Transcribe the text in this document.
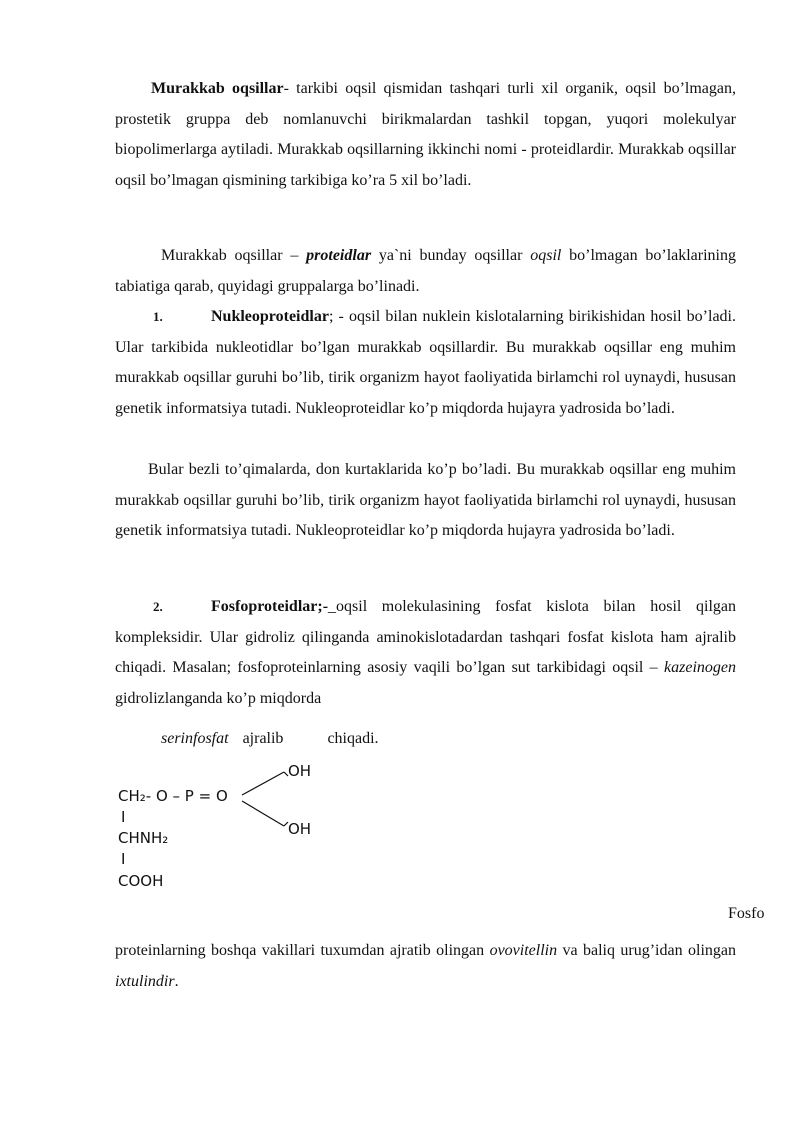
Murakkab oqsillar- tarkibi oqsil qismidan tashqari turli xil organik, oqsil bo’lmagan, prostetik gruppa deb nomlanuvchi birikmalardan tashkil topgan, yuqori molekulyar biopolimerlarga aytiladi. Murakkab oqsillarning ikkinchi nomi - proteidlardir. Murakkab oqsillar oqsil bo’lmagan qismining tarkibiga ko’ra 5 xil bo’ladi.
Murakkab oqsillar – proteidlar ya`ni bunday oqsillar oqsil bo’lmagan bo’laklarining tabiatiga qarab, quyidagi gruppalarga bo’linadi.
1.	Nukleoproteidlar; - oqsil bilan nuklein kislotalarning birikishidan hosil bo’ladi. Ular tarkibida nukleotidlar bo’lgan murakkab oqsillardir. Bu murakkab oqsillar eng muhim murakkab oqsillar guruhi bo’lib, tirik organizm hayot faoliyatida birlamchi rol uynaydi, hususan genetik informatsiya tutadi. Nukleoproteidlar ko’p miqdorda hujayra yadrosida bo’ladi.
Bular bezli to’qimalarda, don kurtaklarida ko’p bo’ladi. Bu murakkab oqsillar eng muhim murakkab oqsillar guruhi bo’lib, tirik organizm hayot faoliyatida birlamchi rol uynaydi, hususan genetik informatsiya tutadi. Nukleoproteidlar ko’p miqdorda hujayra yadrosida bo’ladi.
2.	Fosfoproteidlar;-_oqsil molekulasining fosfat kislota bilan hosil qilgan kompleksidir. Ular gidroliz qilinganda aminokislotadardan tashqari fosfat kislota ham ajralib chiqadi. Masalan; fosfoproteinlarning asosiy vaqili bo’lgan sut tarkibidagi oqsil – kazeinogen gidrolizlanganda ko’p miqdorda
serinfosfat ajralib	chiqadi.
CH₂- O – P = O
OH
OH
I
CHNH₂
I
COOH
Fosfo
proteinlarning boshqa vakillari tuxumdan ajratib olingan ovovitellin va baliq urug’idan olingan ixtulindir.
